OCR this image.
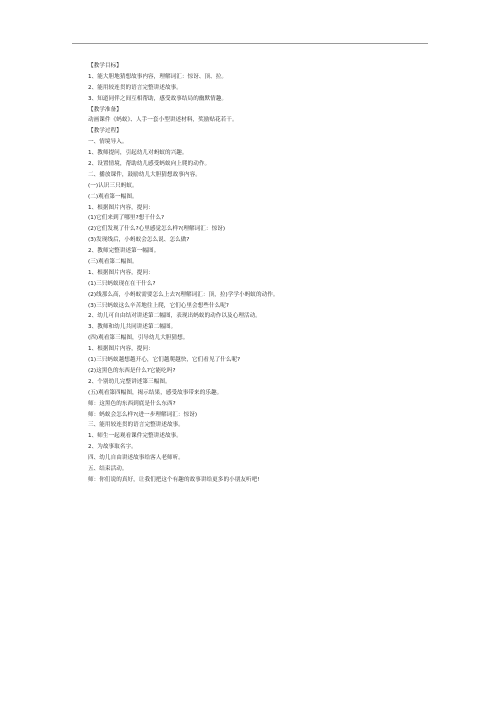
【教学目标】
1、能大胆地猜想故事内容，理解词汇：惊讶、顶、拉。
2、能用较连贯的语言完整讲述故事。
3、知道同伴之间互相帮助，感受故事结局的幽默情趣。
【教学准备】
动画课件《蚂蚁》、人手一套小型讲述材料，奖励贴花若干。
【教学过程】
一、情境导入。
1、教师提问，引起幼儿对蚂蚁的兴趣。
2、设置情境，帮助幼儿感受蚂蚁向上爬的动作。
二、播放课件，鼓励幼儿大胆猜想故事内容。
(一)认识三只蚂蚁。
(二)观看第一幅图。
1、根据图片内容，提问：
(1)它们来到了哪里?想干什么?
(2)它们发现了什么?心里感觉怎么样?(理解词汇：惊讶)
(3)发现线后，小蚂蚁会怎么说、怎么做?
2、教师完整讲述第一幅图。
(三)观看第二幅图。
1、根据图片内容，提问：
(1)三只蚂蚁现在在干什么?
(2)线那么高，小蚂蚁需要怎么上去?(理解词汇：顶，拉)学学小蚂蚁的动作。
(3)三只蚂蚁这么辛苦地往上爬，它们心里会想些什么呢?
2、幼儿可自由结对讲述第二幅图，表现出蚂蚁的动作以及心理活动。
3、教师和幼儿共同讲述第二幅图。
(四)观看第三幅图，引导幼儿大胆猜想。
1、根据图片内容，提问：
(1)三只蚂蚁越想越开心，它们越爬越快，它们看见了什么呢?
(2)这黑色的东西是什么?它能吃吗?
2、个别幼儿完整讲述第三幅图。
(五)观看第四幅图，揭示结果，感受故事带来的乐趣。
师：这黑色的东西到底是什么东西?
师：蚂蚁会怎么样?(进一步理解词汇：惊讶)
三、能用较连贯的语言完整讲述故事。
1、师生一起观看课件完整讲述故事。
2、为故事取名字。
四、幼儿自由讲述故事给客人老师听。
五、结束活动。
师：你们说的真好，让我们把这个有趣的故事讲给更多的小朋友听吧!
